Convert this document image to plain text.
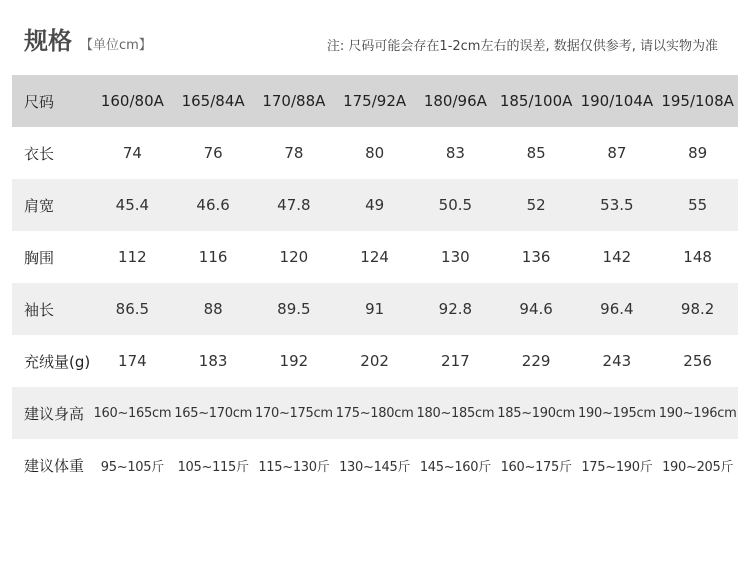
规格 【单位cm】	注: 尺码可能会存在1-2cm左右的误差, 数据仅供参考, 请以实物为准
尺码	160/80A	165/84A	170/88A	175/92A	180/96A	185/100A	190/104A	195/108A
衣长	74	76	78	80	83	85	87	89
肩宽	45.4	46.6	47.8	49	50.5	52	53.5	55
胸围	112	116	120	124	130	136	142	148
袖长	86.5	88	89.5	91	92.8	94.6	96.4	98.2
充绒量(g)	174	183	192	202	217	229	243	256
建议身高	160~165cm	165~170cm	170~175cm	175~180cm	180~185cm	185~190cm	190~195cm	190~196cm
建议体重	95~105斤	105~115斤	115~130斤	130~145斤	145~160斤	160~175斤	175~190斤	190~205斤
